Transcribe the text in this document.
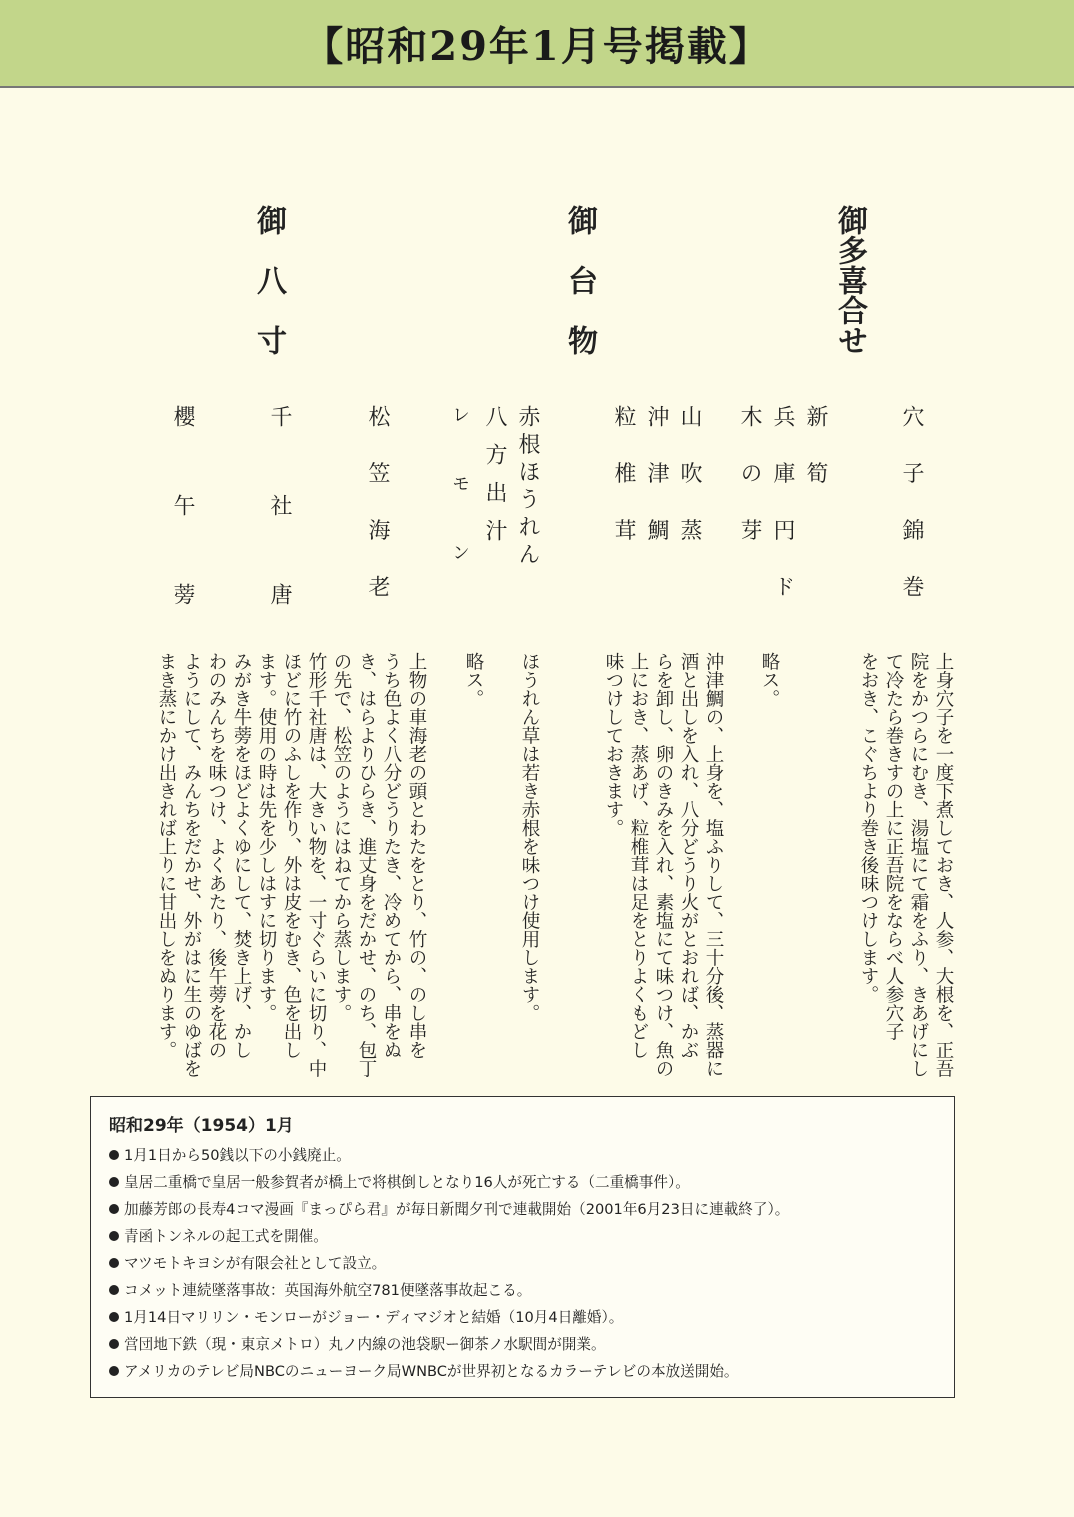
【昭和29年1月号掲載】
御多喜合せ
御台物
御八寸
穴子錦巻
新筍
兵庫円ド
木の芽
山吹蒸
沖津鯛
粒椎茸
赤根ほうれん
八方出汁
レモン
松笠海老
千社唐
櫻午蒡
上身穴子を一度下煮しておき、人参、大根を、正吾
院をかつらにむき、湯塩にて霜をふり、きあげにし
て冷たら巻きすの上に正吾院をならべ人参穴子
をおき、こぐちより巻き後味つけします。
略ス。
沖津鯛の、上身を、塩ふりして、三十分後、蒸器に
酒と出しを入れ、八分どうり火がとおれば、かぶ
らを卸し、卵のきみを入れ、素塩にて味つけ、魚の
上におき、蒸あげ、粒椎茸は足をとりよくもどし
味つけしておきます。
ほうれん草は若き赤根を味つけ使用します。
略ス。
上物の車海老の頭とわたをとり、竹の、のし串を
うち色よく八分どうりたき、冷めてから、串をぬ
き、はらよりひらき、進丈身をだかせ、のち、包丁
の先で、松笠のようにはねてから蒸します。
竹形千社唐は、大きい物を、一寸ぐらいに切り、中
ほどに竹のふしを作り、外は皮をむき、色を出し
ます。使用の時は先を少しはすに切ります。
みがき牛蒡をほどよくゆにして、焚き上げ、かし
わのみんちを味つけ、よくあたり、後午蒡を花の
ようにして、みんちをだかせ、外がはに生のゆばを
まき蒸にかけ出きれば上りに甘出しをぬります。
昭和29年（1954）1月
1月1日から50銭以下の小銭廃止。
皇居二重橋で皇居一般参賀者が橋上で将棋倒しとなり16人が死亡する（二重橋事件）。
加藤芳郎の長寿4コマ漫画『まっぴら君』が毎日新聞夕刊で連載開始（2001年6月23日に連載終了）。
青函トンネルの起工式を開催。
マツモトキヨシが有限会社として設立。
コメット連続墜落事故：英国海外航空781便墜落事故起こる。
1月14日マリリン・モンローがジョー・ディマジオと結婚（10月4日離婚）。
営団地下鉄（現・東京メトロ）丸ノ内線の池袋駅ー御茶ノ水駅間が開業。
アメリカのテレビ局NBCのニューヨーク局WNBCが世界初となるカラーテレビの本放送開始。
